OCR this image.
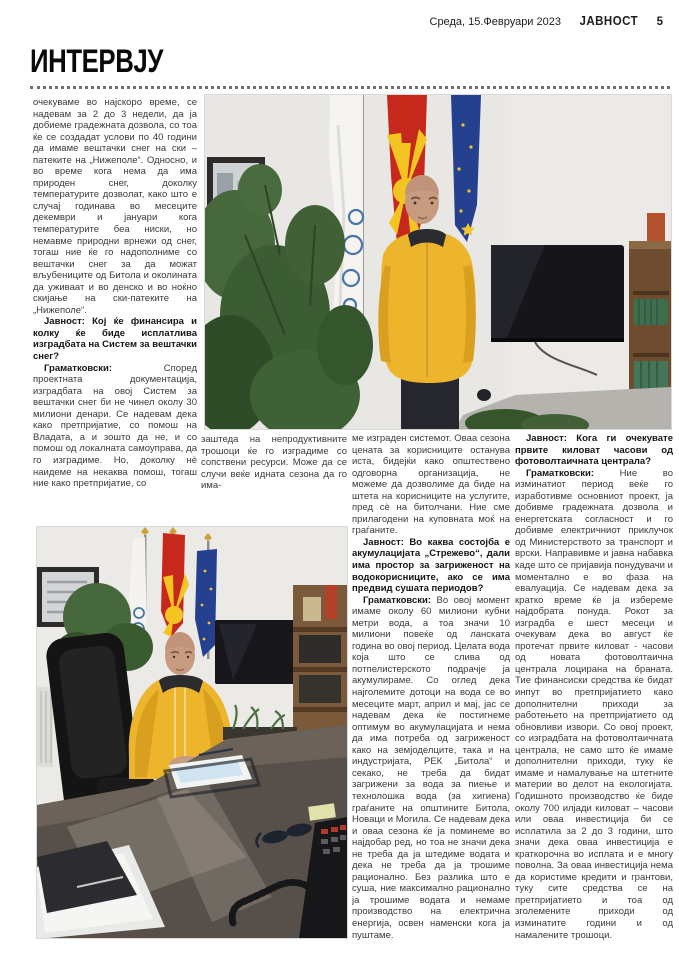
Среда, 15.Февруари 2023 ЈАВНОСТ 5
ИНТЕРВЈУ

очекуваме во најскоро време, се надевам за 2 до 3 недели, да ја добиеме градежната дозвола, со тоа ќе се создадат услови по 40 години да имаме вештачки снег на ски – патеките на „Нижеполе“. Односно, и во време кога нема да има природен снег, доколку температурите дозволат, како што е случај годинава во месеците декември и јануари кога температурите беа ниски, но немавме природни врнежи од снег, тогаш ние ќе го надополниме со вештачки снег за да можат вљубениците од Битола и околината да уживаат и во денско и во ноќно скијање на ски-патеките на „Нижеполе“.

Јавност: Кој ќе финансира и колку ќе биде исплатлива изградбата на Систем за вештачки снег?

Граматковски: Според проектната документација, изградбата на овој Систем за вештачки снег би не чинел околу 30 милиони денари. Се надевам дека како претпријатие, со помош на Владата, а и зошто да не, и со помош од локалната самоуправа, да го изградиме. Но, доколку нè наидеме на некаква помош, тогаш ние како претпријатие, со

заштеда на непродуктивните трошоци ќе го изградиме со сопствени ресурси. Може да се случи веќе идната сезона да го има-

ме изграден системот. Оваа сезона цената за корисниците останува иста, бидејќи како општествено одговорна организација, не можеме да дозволиме да биде на штета на корисниците на услугите, пред сè на битолчани. Ние сме прилагодени на куповната моќ на граѓаните.

Јавност: Во каква состојба е акумулацијата „Стрежево“, дали има простор за загриженост на водокорисниците, ако се има предвид сушата периодов?

Граматковски: Во овој момент имаме околу 60 милиони кубни метри вода, а тоа значи 10 милиони повеќе од ланската година во овој период. Целата вода која што се слива од потпелистерското подрачје ја акумулираме. Со оглед дека најголемите дотоци на вода се во месеците март, април и мај, јас се надевам дека ќе постигнеме оптимум во акумулацијата и нема да има потреба од загриженост како на земјоделците, така и на индустријата, РЕК „Битола“ и секако, не треба да бидат загрижени за вода за пиење и технолошка вода (за хигиена) граѓаните на општините Битола, Новаци и Могила. Се надевам дека и оваа сезона ќе ја поминеме во најдобар ред, но тоа не значи дека не треба да ја штедиме водата и дека не треба да ја трошиме рационално. Без разлика што е суша, ние максимално рационално ја трошиме водата и немаме производство на електрична енергија, освен наменски кога ја пуштаме.

Јавност: Кога ги очекувате првите киловат часови од фотоволтаичната централа?

Граматковски: Ние во изминатиот период веќе го изработивме основниот проект, ја добивме градежната дозвола и енергетската согласност и го добивме електричниот приклучок од Министерството за транспорт и врски. Направивме и јавна набавка каде што се пријавија понудувачи и моментално е во фаза на евалуација. Се надевам дека за кратко време ќе ја избереме најдобрата понуда. Рокот за изградба е шест месеци и очекувам дека во август ќе протечат првите киловат - часови од новата фотоволтаична централа лоцирана на браната. Тие финансиски средства ќе бидат инпут во претпријатието како дополнителни приходи за работењето на претпријатието од обновливи извори. Со овој проект, со изградбата на фотоволтаичната централа, не само што ќе имаме дополнителни приходи, туку ќе имаме и намалување на штетните материи во делот на екологијата. Годишното производство ќе биде околу 700 илјади киловат – часови или оваа инвестиција би се исплатила за 2 до 3 години, што значи дека оваа инвестиција е краткорочна во исплата и е многу поволна. За оваа инвестиција нема да користиме кредити и грантови, туку сите средства се на претпријатието и тоа од зголемените приходи од изминатите години и од намалените трошоци.
